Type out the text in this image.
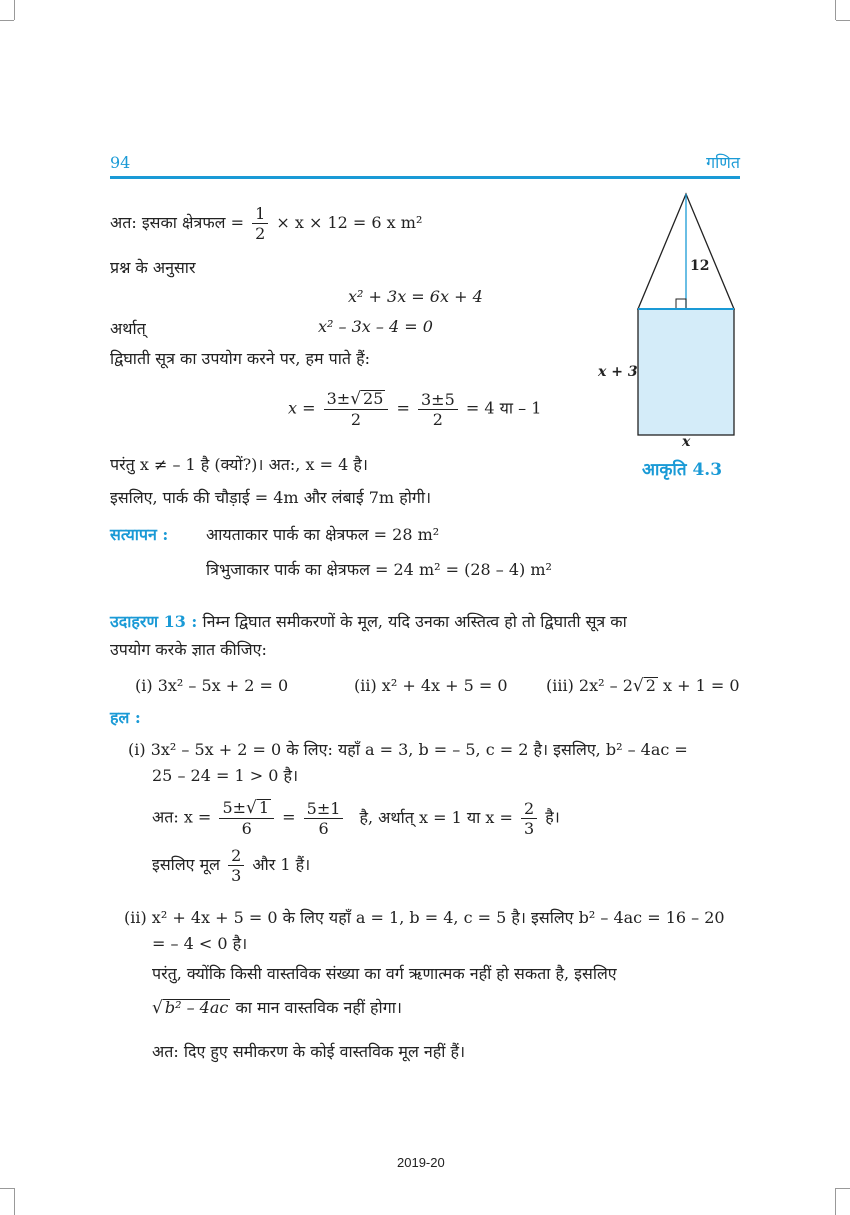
94	गणित
12
x + 3
x
आकृति 4.3
अत: इसका क्षेत्रफल = $\frac{1}{2} \times x \times 12 = 6$ x m²
प्रश्न के अनुसार
x² + 3x = 6x + 4
अर्थात्	x² – 3x – 4 = 0
द्विघाती सूत्र का उपयोग करने पर, हम पाते हैं:
$x = \frac{3\pm√ 25}{2} = \frac{3\pm 5}{2} = 4$ या – 1
परंतु x ≠ – 1 है (क्यों?)। अत:, x = 4 है।
इसलिए, पार्क की चौड़ाई = 4m और लंबाई 7m होगी।
सत्यापन : आयताकार पार्क का क्षेत्रफल = 28 m²
त्रिभुजाकार पार्क का क्षेत्रफल = 24 m² = (28 – 4) m²
उदाहरण 13 : निम्न द्विघात समीकरणों के मूल, यदि उनका अस्तित्व हो तो द्विघाती सूत्र का
उपयोग करके ज्ञात कीजिए:
(i) 3x² – 5x + 2 = 0	(ii) x² + 4x + 5 = 0 (iii) 2x² – 2√ 2 x + 1 = 0
हल :
(i) 3x² – 5x + 2 = 0 के लिए: यहाँ a = 3, b = – 5, c = 2 है। इसलिए, b² – 4ac =
25 – 24 = 1 > 0 है।
अत: $x = \frac{5\pm√ 1}{6} = \frac{5\pm 1}{6}$ है, अर्थात् x = 1 या $x = \frac{2}{3}$ है।
इसलिए मूल $\frac{2}{3}$ और 1 हैं।
(ii) x² + 4x + 5 = 0 के लिए यहाँ a = 1, b = 4, c = 5 है। इसलिए b² – 4ac = 16 – 20
= – 4 < 0 है।
परंतु, क्योंकि किसी वास्तविक संख्या का वर्ग ऋणात्मक नहीं हो सकता है, इसलिए
√ b² – 4ac का मान वास्तविक नहीं होगा।
अत: दिए हुए समीकरण के कोई वास्तविक मूल नहीं हैं।
2019-20
